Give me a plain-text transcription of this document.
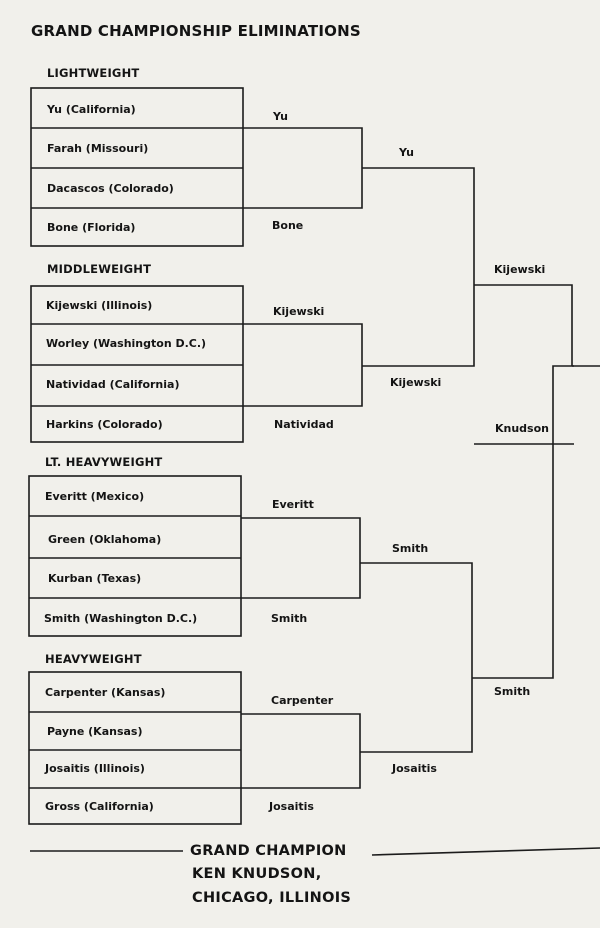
GRAND CHAMPIONSHIP ELIMINATIONS
LIGHTWEIGHT
MIDDLEWEIGHT
LT. HEAVYWEIGHT
HEAVYWEIGHT
Yu (California)
Farah (Missouri)
Dacascos (Colorado)
Bone (Florida)
Kijewski (Illinois)
Worley (Washington D.C.)
Natividad (California)
Harkins (Colorado)
Everitt (Mexico)
Green (Oklahoma)
Kurban (Texas)
Smith (Washington D.C.)
Carpenter (Kansas)
Payne (Kansas)
Josaitis (Illinois)
Gross (California)
Yu
Bone
Kijewski
Natividad
Everitt
Smith
Carpenter
Josaitis
Yu
Kijewski
Smith
Josaitis
Kijewski
Smith
Knudson
GRAND CHAMPION
KEN KNUDSON,
CHICAGO, ILLINOIS
